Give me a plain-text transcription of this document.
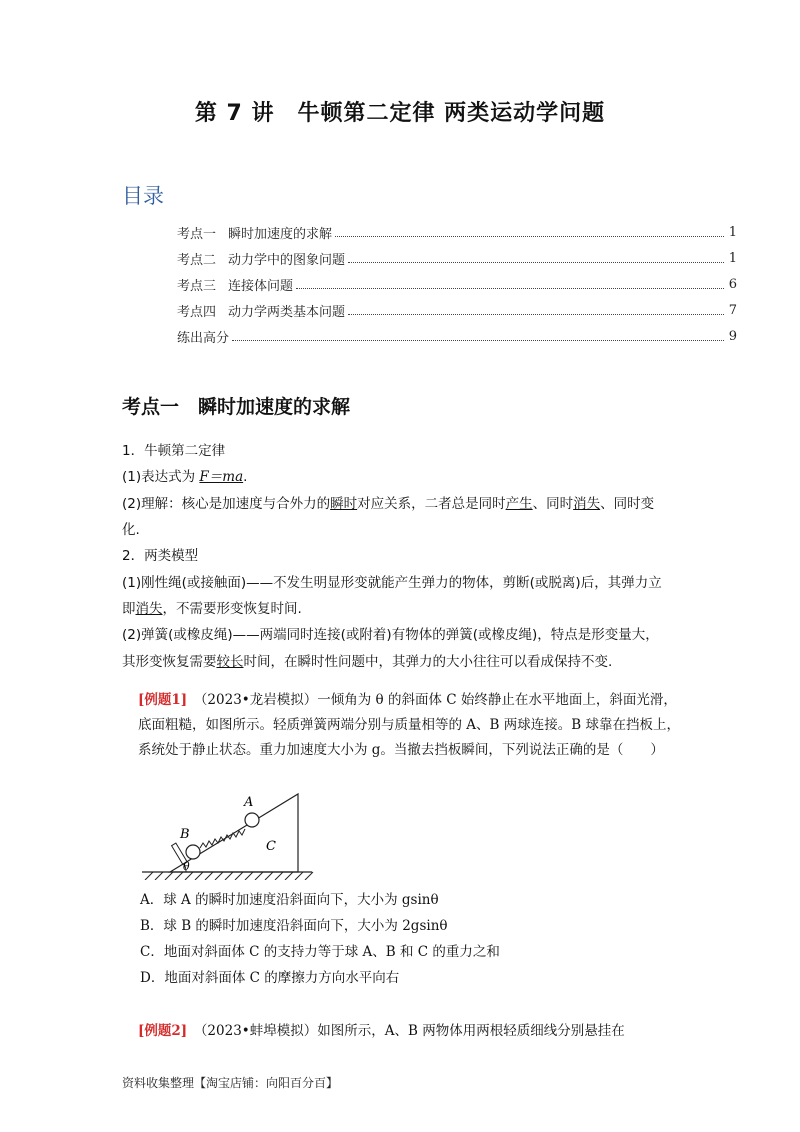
第 7 讲　牛顿第二定律 两类运动学问题
目录
考点一 瞬时加速度的求解	1
考点二 动力学中的图象问题	1
考点三 连接体问题	6
考点四 动力学两类基本问题	7
练出高分	9
考点一　瞬时加速度的求解

1．牛顿第二定律

(1)表达式为 F＝ma.

(2)理解：核心是加速度与合外力的瞬时对应关系，二者总是同时产生、同时消失、同时变
化.

2．两类模型

(1)刚性绳(或接触面)——不发生明显形变就能产生弹力的物体，剪断(或脱离)后，其弹力立
即消失，不需要形变恢复时间.

(2)弹簧(或橡皮绳)——两端同时连接(或附着)有物体的弹簧(或橡皮绳)，特点是形变量大，
其形变恢复需要较长时间，在瞬时性问题中，其弹力的大小往往可以看成保持不变.

[例题1]　 （2023•龙岩模拟）一倾角为 θ 的斜面体 C 始终静止在水平地面上，斜面光滑，底面粗糙，如图所示。轻质弹簧两端分别与质量相等的 A、B 两球连接。B 球靠在挡板上，系统处于静止状态。重力加速度大小为 g。当撤去挡板瞬间，下列说法正确的是（　　）
A
B
C
θ
A．球 A 的瞬时加速度沿斜面向下，大小为 gsinθ
B．球 B 的瞬时加速度沿斜面向下，大小为 2gsinθ
C．地面对斜面体 C 的支持力等于球 A、B 和 C 的重力之和
D．地面对斜面体 C 的摩擦力方向水平向右
[例题2]　 （2023•蚌埠模拟）如图所示，A、B 两物体用两根轻质细线分别悬挂在
资料收集整理【淘宝店铺：向阳百分百】
